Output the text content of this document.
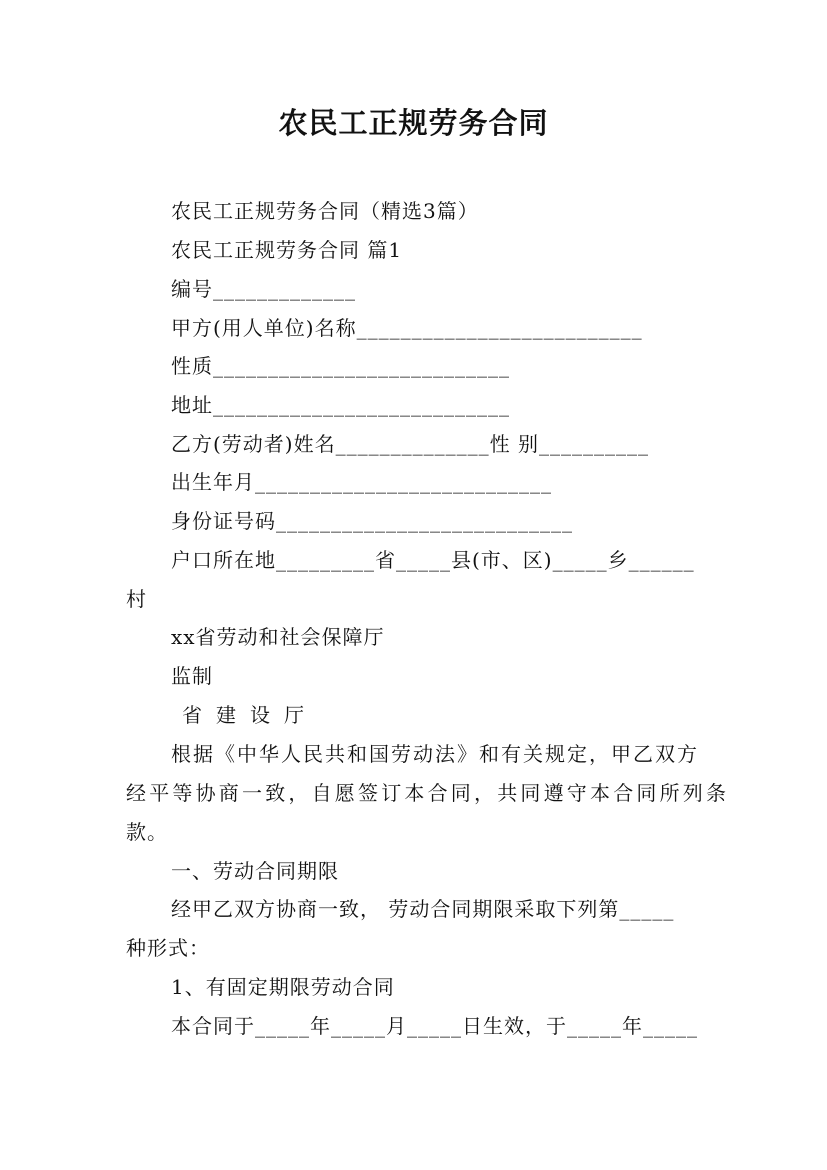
农民工正规劳务合同
农民工正规劳务合同（精选3篇）
农民工正规劳务合同 篇1
编号_____________
甲方(用人单位)名称__________________________
性质___________________________
地址___________________________
乙方(劳动者)姓名______________性 别__________
出生年月___________________________
身份证号码___________________________
户口所在地_________省_____县(市、区)_____乡______
村
xx省劳动和社会保障厅
监制
省建设厅
根据《中华人民共和国劳动法》和有关规定，甲乙双方
经平等协商一致，自愿签订本合同，共同遵守本合同所列条
款。
一、劳动合同期限
经甲乙双方协商一致， 劳动合同期限采取下列第_____
种形式：
1、有固定期限劳动合同
本合同于_____年_____月_____日生效，于_____年_____
